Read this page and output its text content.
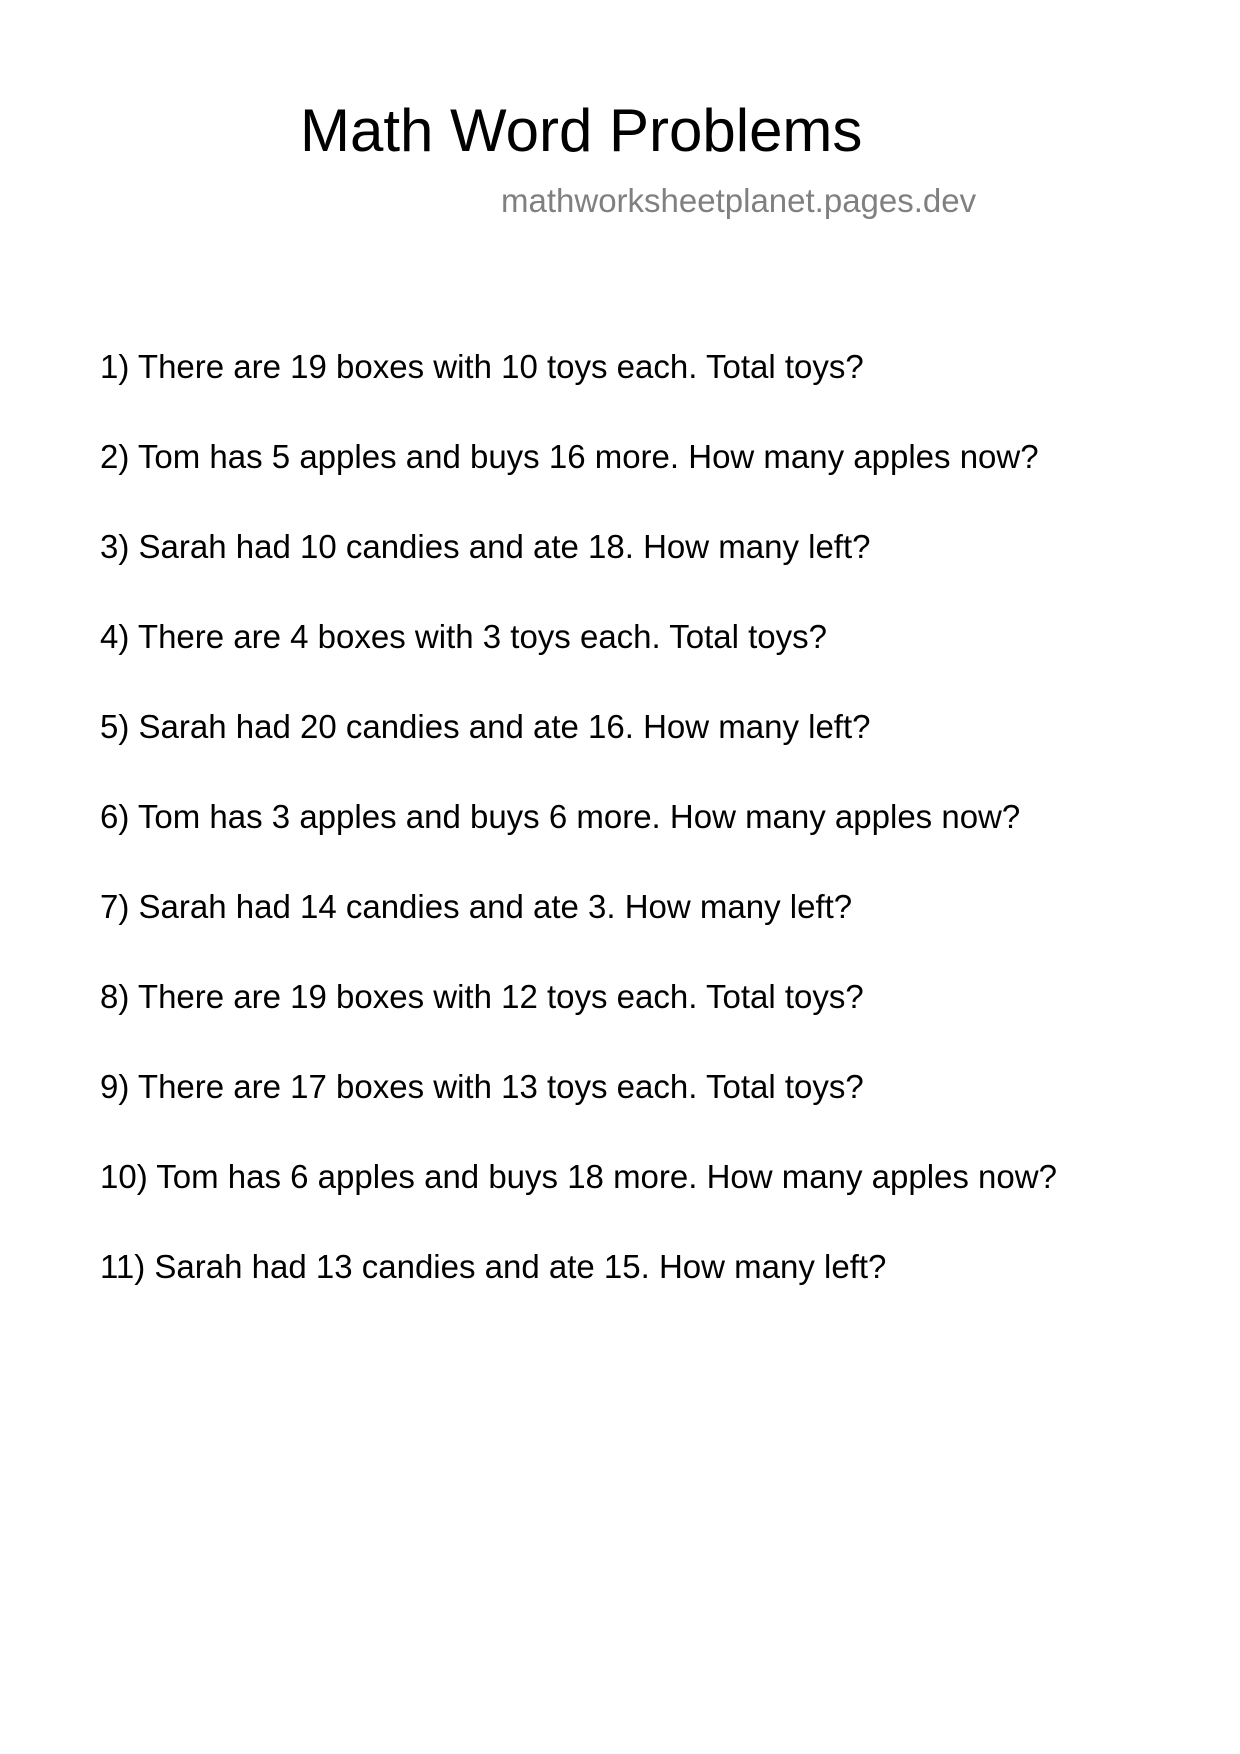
Math Word Problems
mathworksheetplanet.pages.dev
1) There are 19 boxes with 10 toys each. Total toys?
2) Tom has 5 apples and buys 16 more. How many apples now?
3) Sarah had 10 candies and ate 18. How many left?
4) There are 4 boxes with 3 toys each. Total toys?
5) Sarah had 20 candies and ate 16. How many left?
6) Tom has 3 apples and buys 6 more. How many apples now?
7) Sarah had 14 candies and ate 3. How many left?
8) There are 19 boxes with 12 toys each. Total toys?
9) There are 17 boxes with 13 toys each. Total toys?
10) Tom has 6 apples and buys 18 more. How many apples now?
11) Sarah had 13 candies and ate 15. How many left?
